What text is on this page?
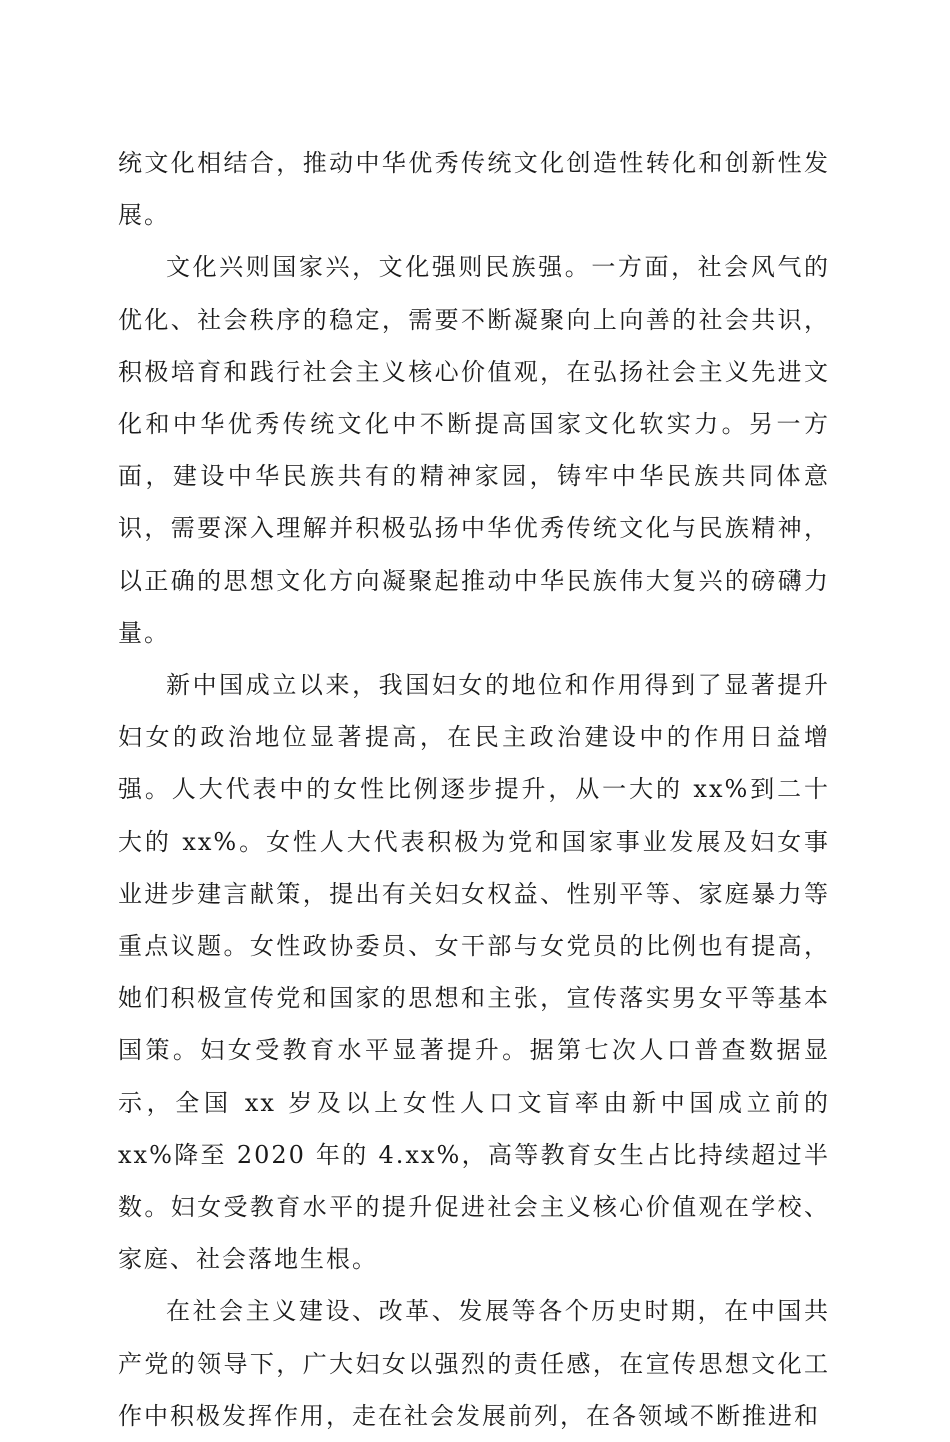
统文化相结合，推动中华优秀传统文化创造性转化和创新性发展。

文化兴则国家兴，文化强则民族强。一方面，社会风气的优化、社会秩序的稳定，需要不断凝聚向上向善的社会共识，积极培育和践行社会主义核心价值观，在弘扬社会主义先进文化和中华优秀传统文化中不断提高国家文化软实力。另一方面，建设中华民族共有的精神家园，铸牢中华民族共同体意识，需要深入理解并积极弘扬中华优秀传统文化与民族精神，以正确的思想文化方向凝聚起推动中华民族伟大复兴的磅礴力量。

新中国成立以来，我国妇女的地位和作用得到了显著提升妇女的政治地位显著提高，在民主政治建设中的作用日益增强。人大代表中的女性比例逐步提升，从一大的 xx%到二十大的 xx%。女性人大代表积极为党和国家事业发展及妇女事业进步建言献策，提出有关妇女权益、性别平等、家庭暴力等重点议题。女性政协委员、女干部与女党员的比例也有提高，她们积极宣传党和国家的思想和主张，宣传落实男女平等基本国策。妇女受教育水平显著提升。据第七次人口普查数据显示，全国 xx 岁及以上女性人口文盲率由新中国成立前的 xx%降至 2020 年的 4.xx%，高等教育女生占比持续超过半数。妇女受教育水平的提升促进社会主义核心价值观在学校、家庭、社会落地生根。

在社会主义建设、改革、发展等各个历史时期，在中国共产党的领导下，广大妇女以强烈的责任感，在宣传思想文化工作中积极发挥作用，走在社会发展前列，在各领域不断推进和
